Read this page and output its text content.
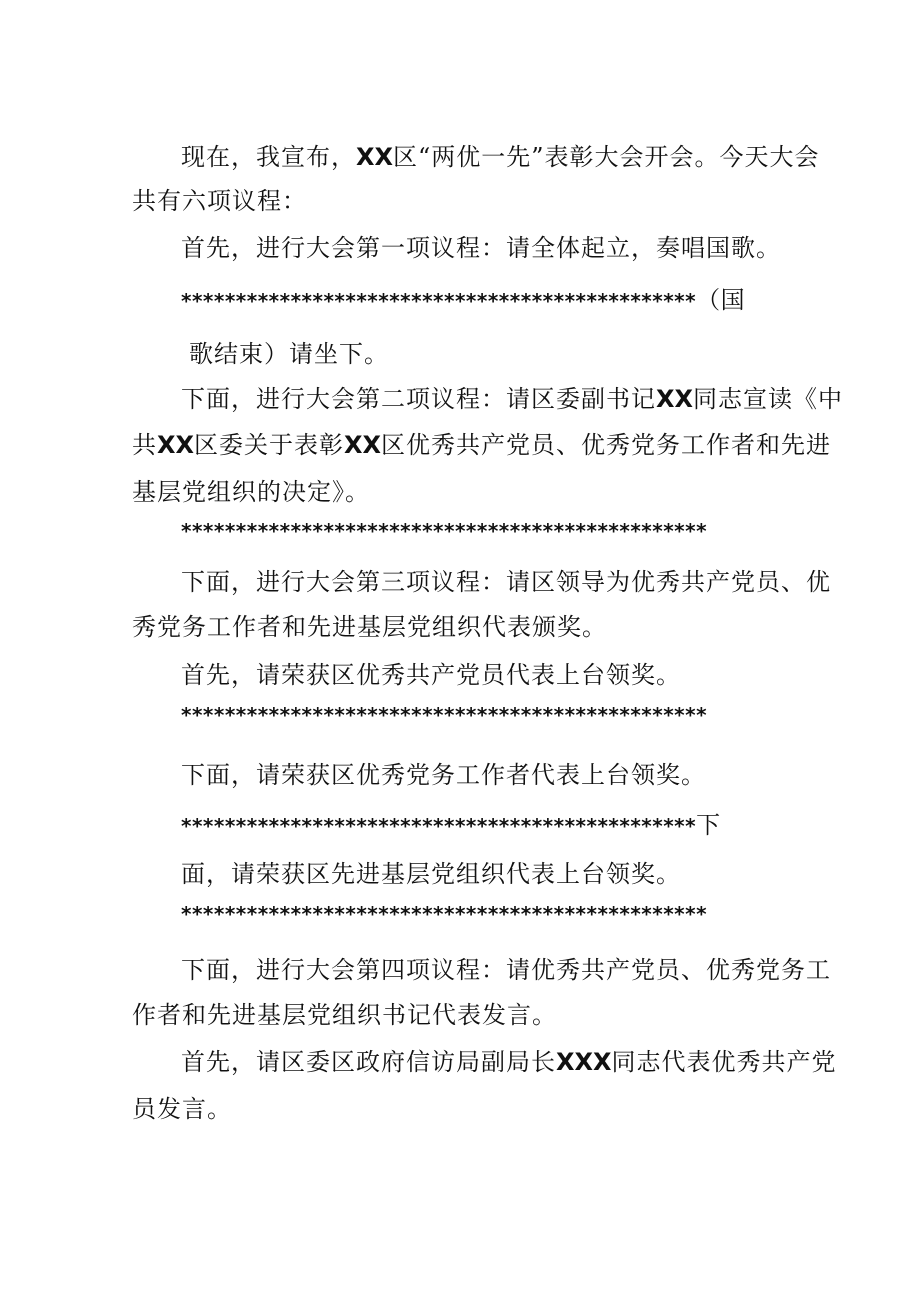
现在，我宣布，XX区“两优一先”表彰大会开会。今天大会
共有六项议程：
首先，进行大会第一项议程：请全体起立，奏唱国歌。
***********************************************（国
歌结束）请坐下。
下面，进行大会第二项议程：请区委副书记XX同志宣读《中
共XX区委关于表彰XX区优秀共产党员、优秀党务工作者和先进
基层党组织的决定》。
************************************************
下面，进行大会第三项议程：请区领导为优秀共产党员、优
秀党务工作者和先进基层党组织代表颁奖。
首先，请荣获区优秀共产党员代表上台领奖。
************************************************
下面，请荣获区优秀党务工作者代表上台领奖。
***********************************************下
面，请荣获区先进基层党组织代表上台领奖。
************************************************
下面，进行大会第四项议程：请优秀共产党员、优秀党务工
作者和先进基层党组织书记代表发言。
首先，请区委区政府信访局副局长XXX同志代表优秀共产党
员发言。
